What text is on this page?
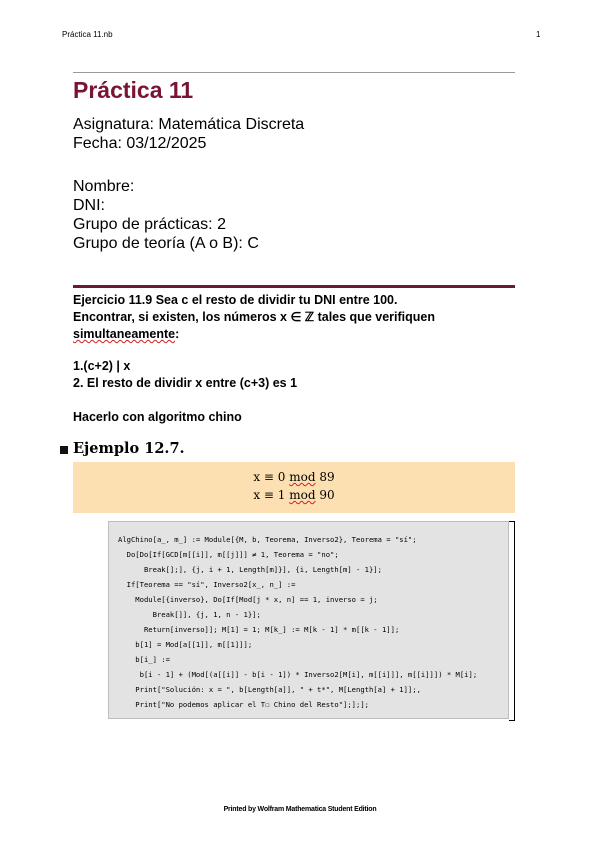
Práctica 11.nb	1
Práctica 11
Asignatura: Matemática Discreta
Fecha: 03/12/2025
Nombre:
DNI:
Grupo de prácticas: 2
Grupo de teoría (A o B): C
Ejercicio 11.9 Sea c el resto de dividir tu DNI entre 100.
Encontrar, si existen, los números x ∈ ℤ tales que verifiquen
simultaneamente:
1.(c+2) | x
2. El resto de dividir x entre (c+3) es 1
Hacerlo con algoritmo chino
Ejemplo 12.7.
x ≡ 0 mod 89
x ≡ 1 mod 90
AlgChino[a_, m_] := Module[{M, b, Teorema, Inverso2}, Teorema = "sí";
Do[Do[If[GCD[m[[i]], m[[j]]] ≠ 1, Teorema = "no";
Break[];], {j, i + 1, Length[m]}], {i, Length[m] - 1}];
If[Teorema == "sí", Inverso2[x_, n_] :=
Module[{inverso}, Do[If[Mod[j * x, n] == 1, inverso = j;
Break[]], {j, 1, n - 1}];
Return[inverso]]; M[1] = 1; M[k_] := M[k - 1] * m[[k - 1]];
b[1] = Mod[a[[1]], m[[1]]];
b[i_] :=
b[i - 1] + (Mod[(a[[i]] - b[i - 1]) * Inverso2[M[i], m[[i]]], m[[i]]]) * M[i];
Print["Solución: x = ", b[Length[a]], " + t*", M[Length[a] + 1]];,
Print["No podemos aplicar el T☐ Chino del Resto"];];];
Printed by Wolfram Mathematica Student Edition
